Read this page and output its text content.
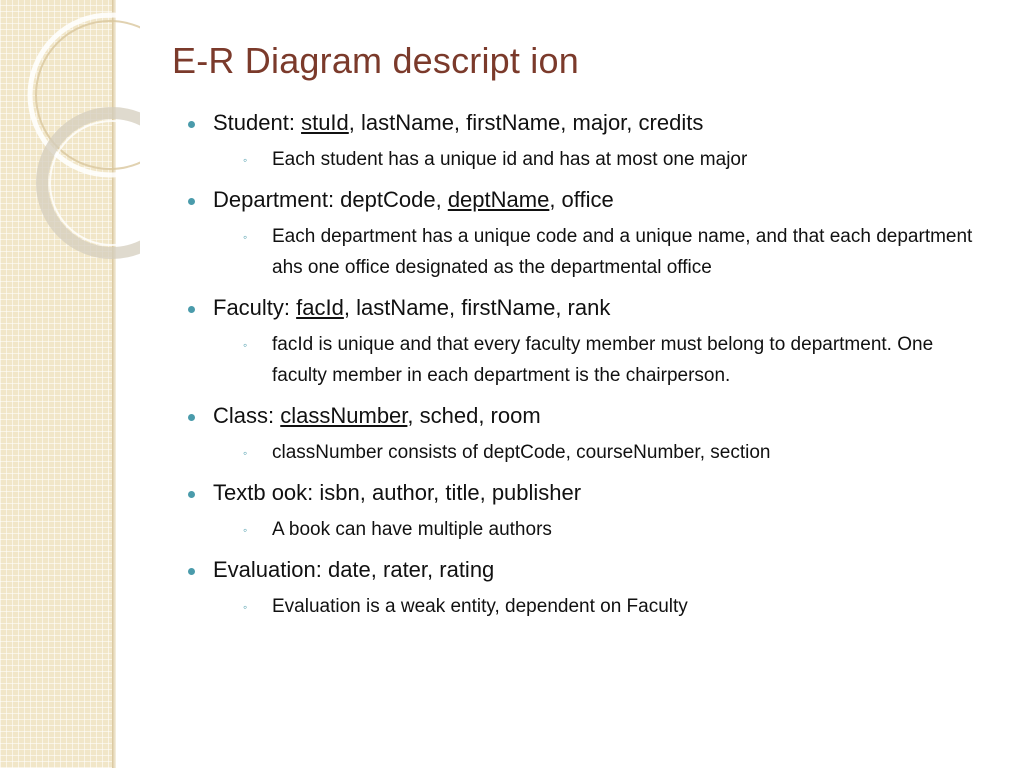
E-R Diagram descript ion
Student: stuId, lastName, firstName, major, credits
◦ Each student has a unique id and has at most one major
Department: deptCode, deptName, office
◦ Each department has a unique code and a unique name, and that each department ahs one office designated as the departmental office
Faculty: facId, lastName, firstName, rank
◦ facId is unique and that every faculty member must belong to department. One faculty member in each department is the chairperson.
Class: classNumber, sched, room
◦ classNumber consists of deptCode, courseNumber, section
Textb ook: isbn, author, title, publisher
◦ A book can have multiple authors
Evaluation: date, rater, rating
◦ Evaluation is a weak entity, dependent on Faculty
